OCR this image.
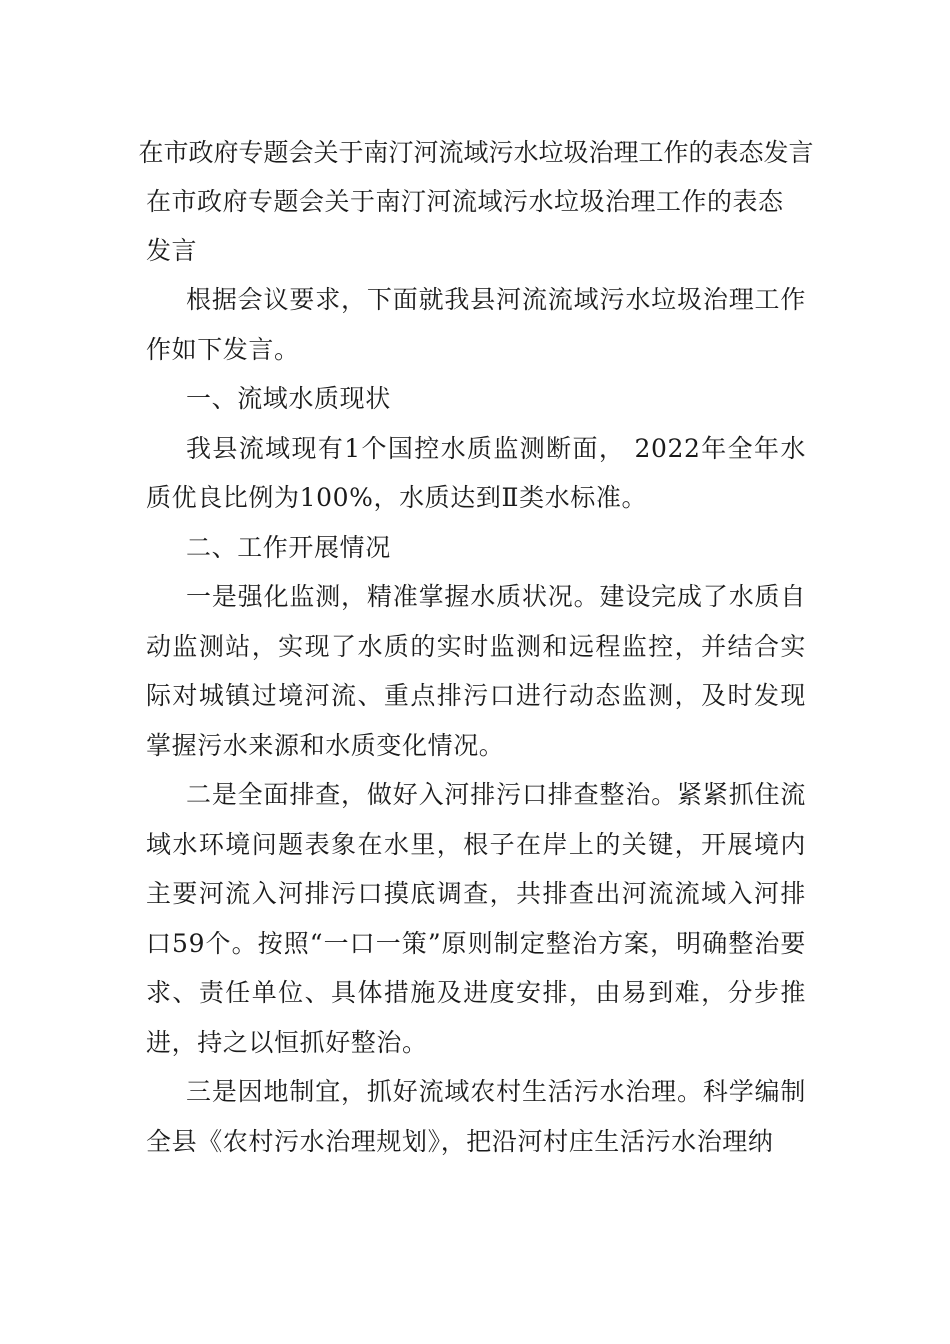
在市政府专题会关于南汀河流域污水垃圾治理工作的表态发言
在市政府专题会关于南汀河流域污水垃圾治理工作的表态发言

根据会议要求，下面就我县河流流域污水垃圾治理工作作如下发言。

一、流域水质现状

我县流域现有1个国控水质监测断面， 2022年全年水质优良比例为100%，水质达到Ⅱ类水标准。

二、工作开展情况

一是强化监测，精准掌握水质状况。建设完成了水质自动监测站，实现了水质的实时监测和远程监控，并结合实际对城镇过境河流、重点排污口进行动态监测，及时发现掌握污水来源和水质变化情况。

二是全面排查，做好入河排污口排查整治。紧紧抓住流域水环境问题表象在水里，根子在岸上的关键，开展境内主要河流入河排污口摸底调查，共排查出河流流域入河排口59个。按照“一口一策”原则制定整治方案，明确整治要求、责任单位、具体措施及进度安排，由易到难，分步推进，持之以恒抓好整治。

三是因地制宜，抓好流域农村生活污水治理。科学编制全县《农村污水治理规划》，把沿河村庄生活污水治理纳
